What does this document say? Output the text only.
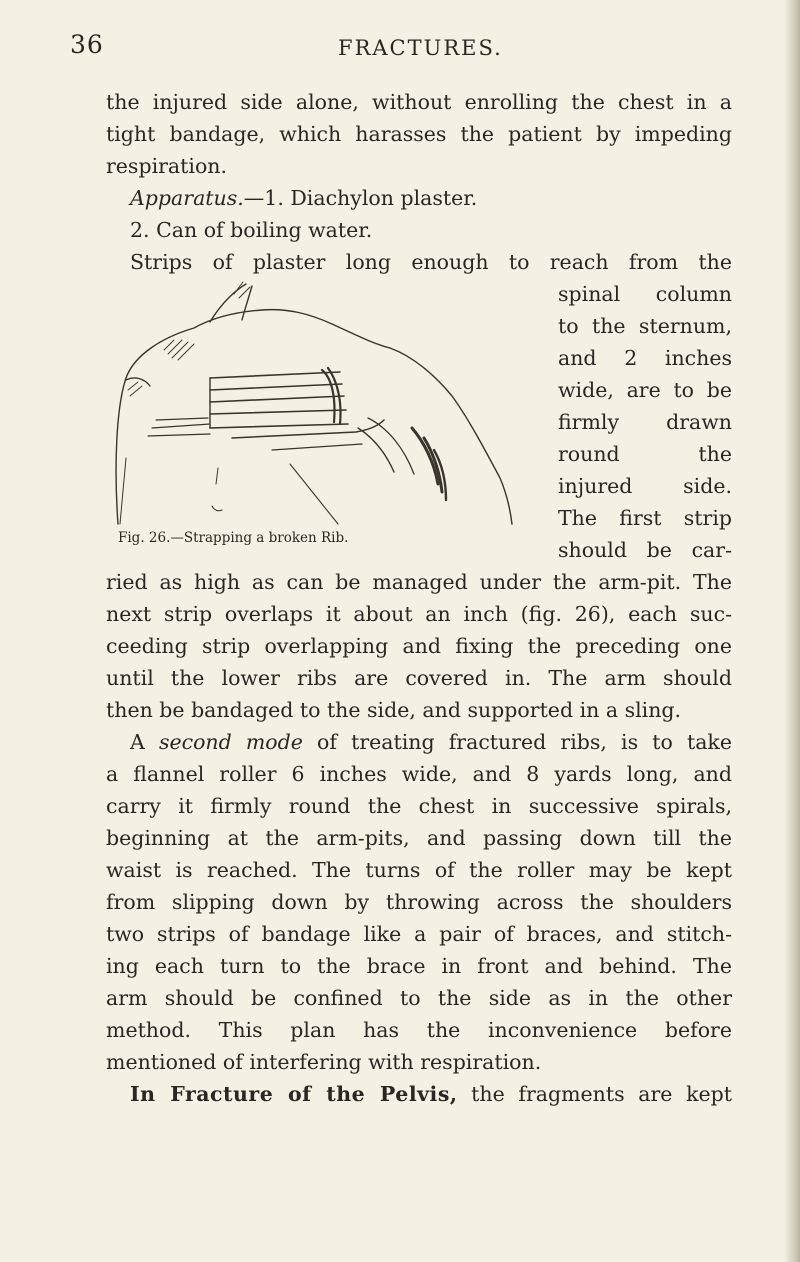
36	FRACTURES.
the injured side alone, without enrolling the chest in a
tight bandage, which harasses the patient by impeding
respiration.
Apparatus.—1. Diachylon plaster.
2. Can of boiling water.
Strips of plaster long enough to reach from the
spinal column
to the sternum,
and 2 inches
wide, are to be
firmly drawn
round the
injured side.
The first strip
should be car-
Fig. 26.—Strapping a broken Rib.
ried as high as can be managed under the arm-pit. The
next strip overlaps it about an inch (fig. 26), each suc-
ceeding strip overlapping and fixing the preceding one
until the lower ribs are covered in. The arm should
then be bandaged to the side, and supported in a sling.
A second mode of treating fractured ribs, is to take
a flannel roller 6 inches wide, and 8 yards long, and
carry it firmly round the chest in successive spirals,
beginning at the arm-pits, and passing down till the
waist is reached. The turns of the roller may be kept
from slipping down by throwing across the shoulders
two strips of bandage like a pair of braces, and stitch-
ing each turn to the brace in front and behind. The
arm should be confined to the side as in the other
method. This plan has the inconvenience before
mentioned of interfering with respiration.
In Fracture of the Pelvis, the fragments are kept
